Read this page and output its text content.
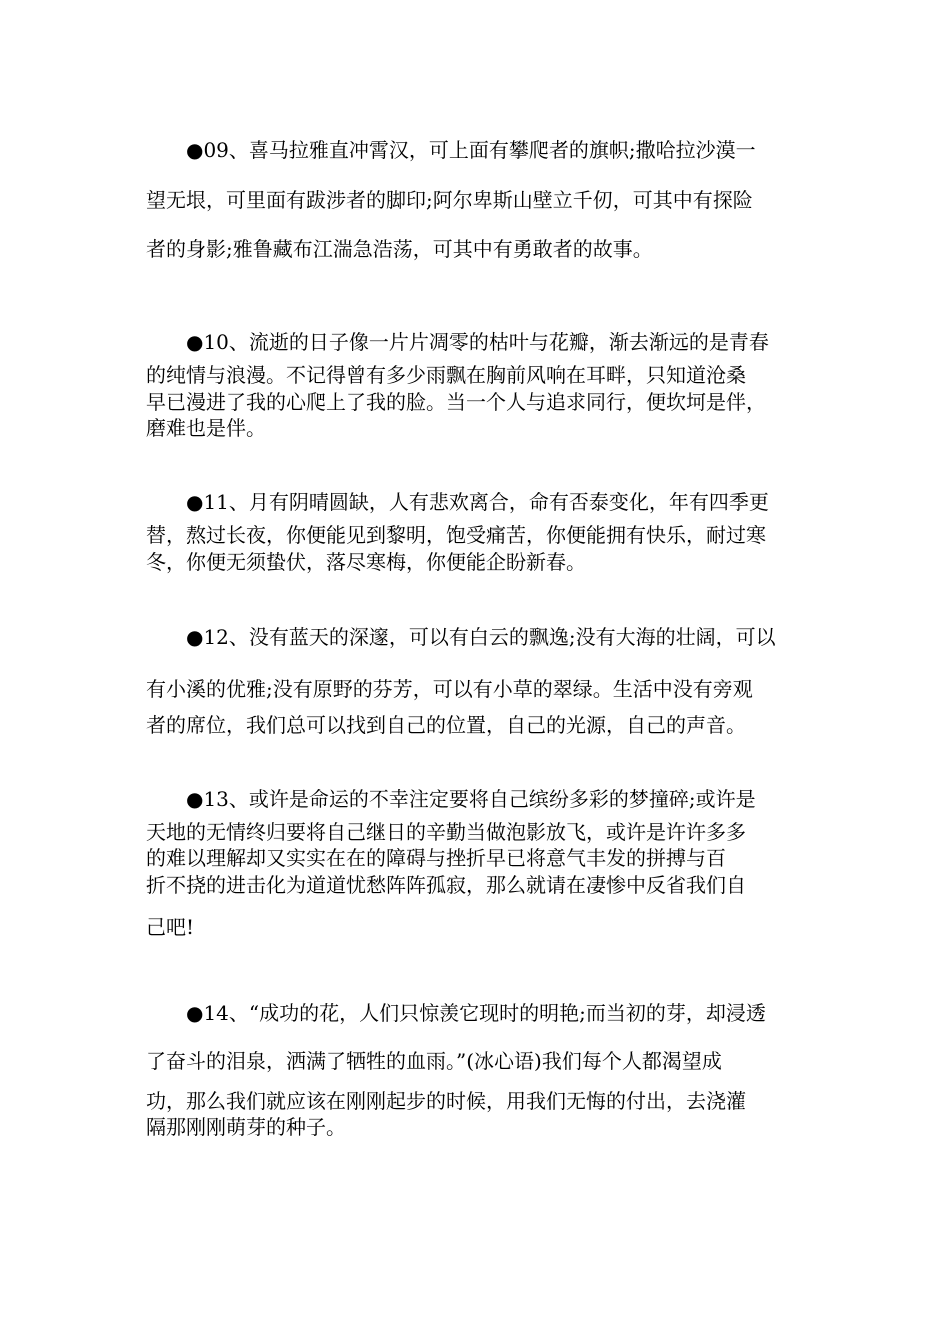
●09、喜马拉雅直冲霄汉，可上面有攀爬者的旗帜;撒哈拉沙漠一
望无垠，可里面有跋涉者的脚印;阿尔卑斯山壁立千仞，可其中有探险
者的身影;雅鲁藏布江湍急浩荡，可其中有勇敢者的故事。
●10、流逝的日子像一片片凋零的枯叶与花瓣，渐去渐远的是青春
的纯情与浪漫。不记得曾有多少雨飘在胸前风响在耳畔，只知道沧桑
早已漫进了我的心爬上了我的脸。当一个人与追求同行，便坎坷是伴，
磨难也是伴。
●11、月有阴晴圆缺，人有悲欢离合，命有否泰变化，年有四季更
替，熬过长夜，你便能见到黎明，饱受痛苦，你便能拥有快乐，耐过寒
冬，你便无须蛰伏，落尽寒梅，你便能企盼新春。
●12、没有蓝天的深邃，可以有白云的飘逸;没有大海的壮阔，可以
有小溪的优雅;没有原野的芬芳，可以有小草的翠绿。生活中没有旁观
者的席位，我们总可以找到自己的位置，自己的光源，自己的声音。
●13、或许是命运的不幸注定要将自己缤纷多彩的梦撞碎;或许是
天地的无情终归要将自己继日的辛勤当做泡影放飞，或许是许许多多
的难以理解却又实实在在的障碍与挫折早已将意气丰发的拼搏与百
折不挠的进击化为道道忧愁阵阵孤寂，那么就请在凄惨中反省我们自
己吧!
●14、“成功的花，人们只惊羡它现时的明艳;而当初的芽，却浸透
了奋斗的泪泉，洒满了牺牲的血雨。”(冰心语)我们每个人都渴望成
功，那么我们就应该在刚刚起步的时候，用我们无悔的付出，去浇灌
隔那刚刚萌芽的种子。
